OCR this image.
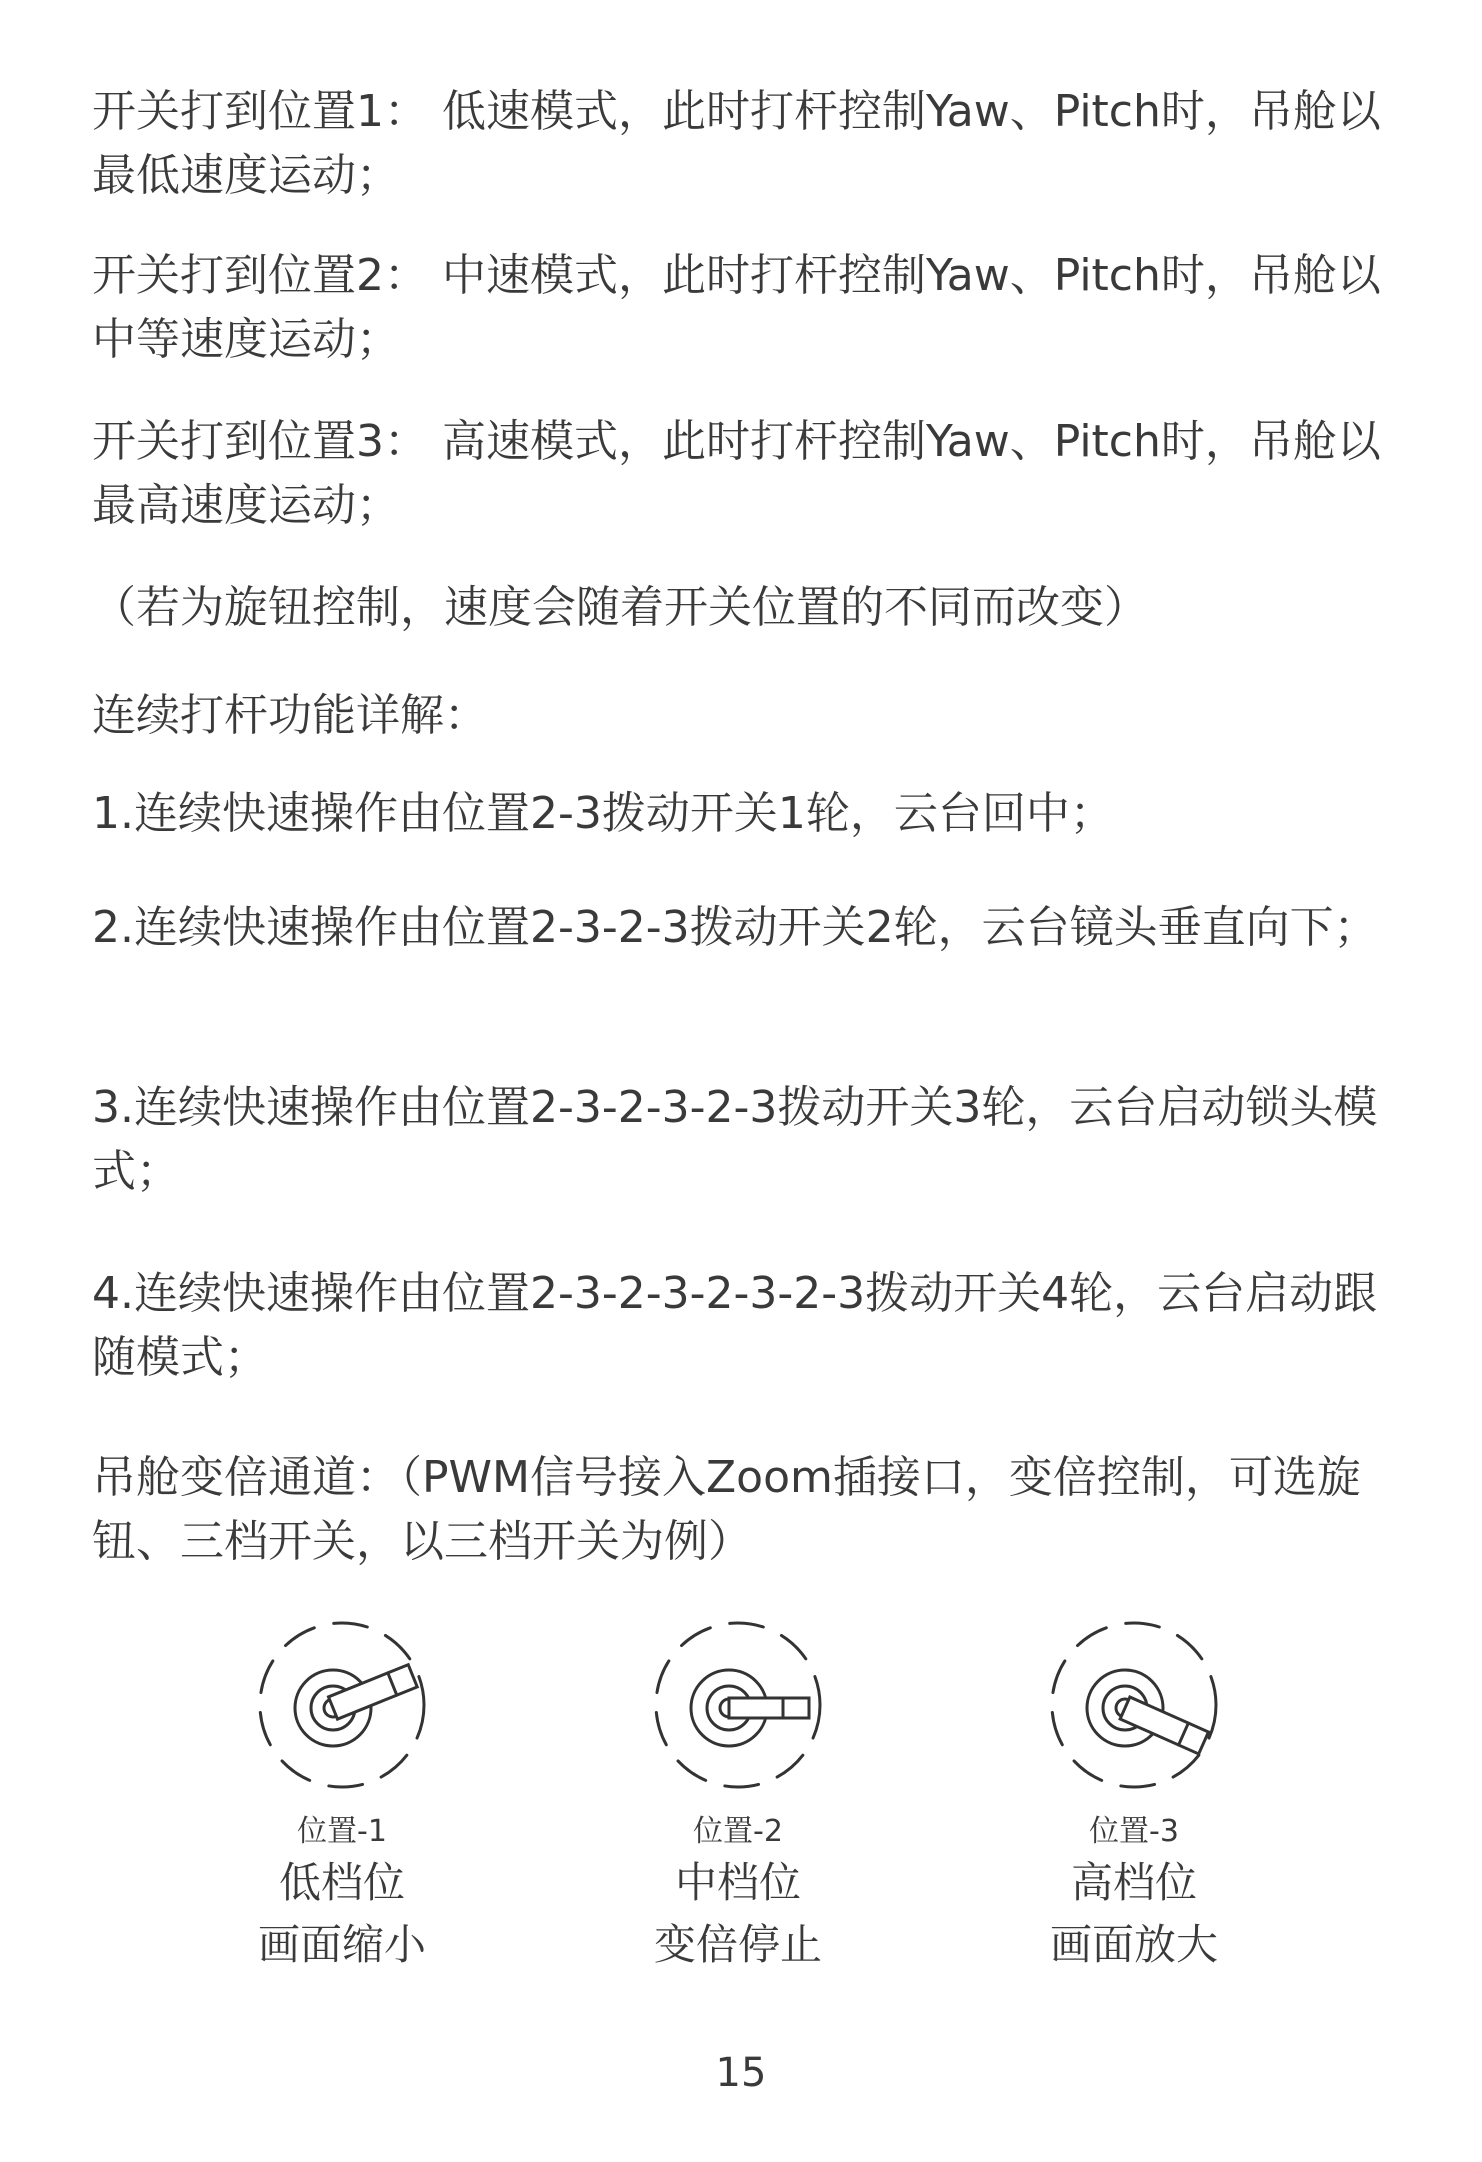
开关打到位置1： 低速模式，此时打杆控制Yaw、Pitch时，吊舱以最低速度运动；

开关打到位置2： 中速模式，此时打杆控制Yaw、Pitch时，吊舱以中等速度运动；

开关打到位置3： 高速模式，此时打杆控制Yaw、Pitch时，吊舱以最高速度运动；

（若为旋钮控制，速度会随着开关位置的不同而改变）

连续打杆功能详解：

1.连续快速操作由位置2-3拨动开关1轮，云台回中；

2.连续快速操作由位置2-3-2-3拨动开关2轮，云台镜头垂直向下；

3.连续快速操作由位置2-3-2-3-2-3拨动开关3轮，云台启动锁头模式；

4.连续快速操作由位置2-3-2-3-2-3-2-3拨动开关4轮，云台启动跟随模式；

吊舱变倍通道：（PWM信号接入Zoom插接口，变倍控制，可选旋钮、三档开关，以三档开关为例）

位置-1
低档位
画面缩小
位置-2
中档位
变倍停止
位置-3
高档位
画面放大
15
